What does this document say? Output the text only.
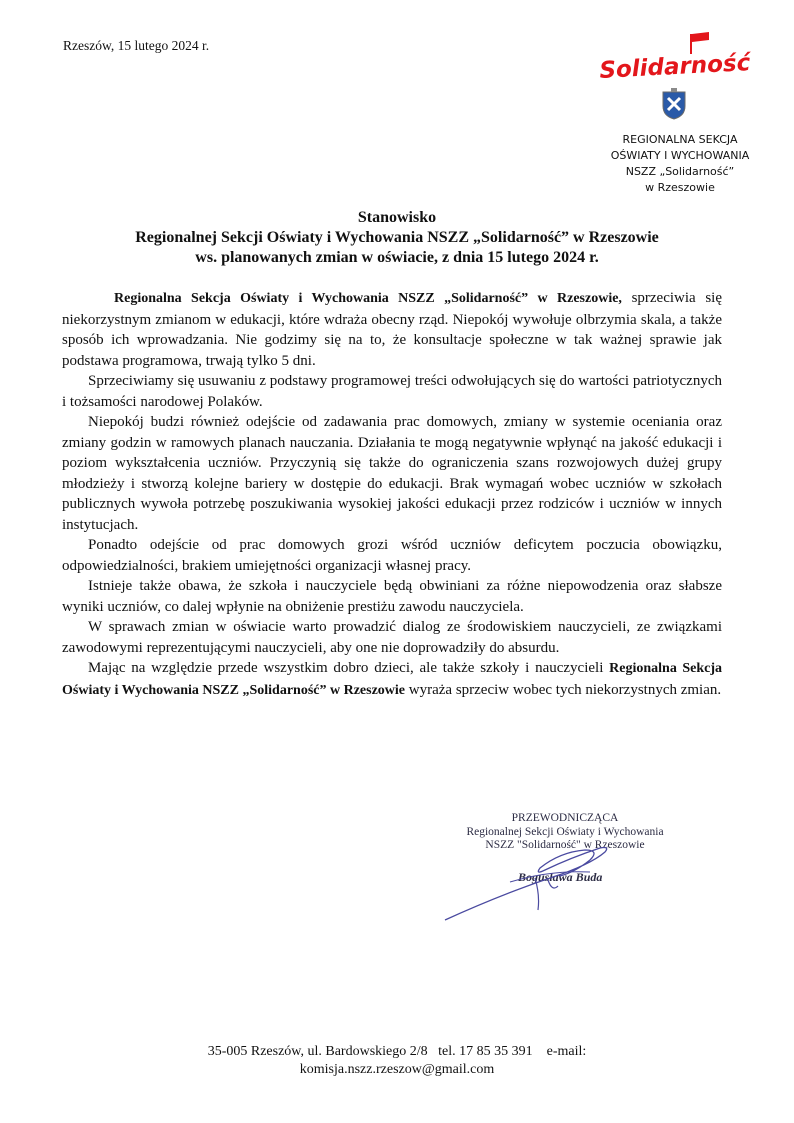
Rzeszów, 15 lutego 2024 r.
Solidarność
REGIONALNA SEKCJA
OŚWIATY I WYCHOWANIA
NSZZ „Solidarność”
w Rzeszowie
Stanowisko
Regionalnej Sekcji Oświaty i Wychowania NSZZ „Solidarność” w Rzeszowie
ws. planowanych zmian w oświacie, z dnia 15 lutego 2024 r.

Regionalna Sekcja Oświaty i Wychowania NSZZ „Solidarność” w Rzeszowie, sprzeciwia się niekorzystnym zmianom w edukacji, które wdraża obecny rząd. Niepokój wywołuje olbrzymia skala, a także sposób ich wprowadzania. Nie godzimy się na to, że konsultacje społeczne w tak ważnej sprawie jak podstawa programowa, trwają tylko 5 dni.

Sprzeciwiamy się usuwaniu z podstawy programowej treści odwołujących się do wartości patriotycznych i tożsamości narodowej Polaków.

Niepokój budzi również odejście od zadawania prac domowych, zmiany w systemie oceniania oraz zmiany godzin w ramowych planach nauczania. Działania te mogą negatywnie wpłynąć na jakość edukacji i poziom wykształcenia uczniów. Przyczynią się także do ograniczenia szans rozwojowych dużej grupy młodzieży i stworzą kolejne bariery w dostępie do edukacji. Brak wymagań wobec uczniów w szkołach publicznych wywoła potrzebę poszukiwania wysokiej jakości edukacji przez rodziców i uczniów w innych instytucjach.

Ponadto odejście od prac domowych grozi wśród uczniów deficytem poczucia obowiązku, odpowiedzialności, brakiem umiejętności organizacji własnej pracy.

Istnieje także obawa, że szkoła i nauczyciele będą obwiniani za różne niepowodzenia oraz słabsze wyniki uczniów, co dalej wpłynie na obniżenie prestiżu zawodu nauczyciela.

W sprawach zmian w oświacie warto prowadzić dialog ze środowiskiem nauczycieli, ze związkami zawodowymi reprezentującymi nauczycieli, aby one nie doprowadziły do absurdu.

Mając na względzie przede wszystkim dobro dzieci, ale także szkoły i nauczycieli Regionalna Sekcja Oświaty i Wychowania NSZZ „Solidarność” w Rzeszowie wyraża sprzeciw wobec tych niekorzystnych zmian.

PRZEWODNICZĄCA
Regionalnej Sekcji Oświaty i Wychowania
NSZZ "Solidarność" w Rzeszowie
Bogusława Buda
35-005 Rzeszów, ul. Bardowskiego 2/8   tel. 17 85 35 391    e-mail:
komisja.nszz.rzeszow@gmail.com
